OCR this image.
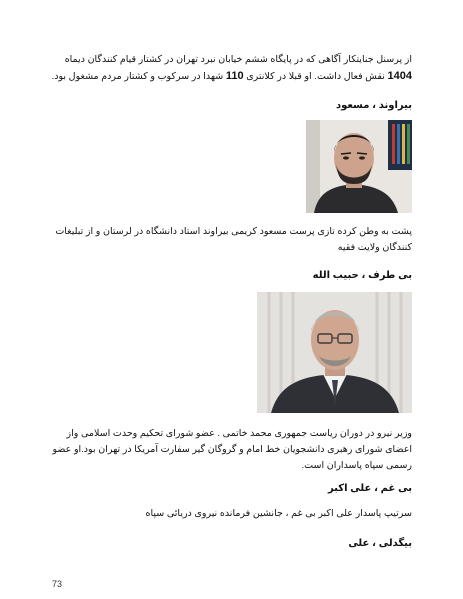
از پرسنل جنایتکار آگاهی که در پایگاه ششم خیابان نبرد تهران در کشتار قیام کنندگان دیماه 1404 نقش فعال داشت. او قبلا در کلانتری 110 شهدا در سرکوب و کشتار مردم مشغول بود.

بیراوند ، مسعود

پشت به وطن کرده تازی پرست مسعود کریمی بیراوند استاد دانشگاه در لرستان و از تبلیغات کنندگان ولایت فقیه

بی طرف ، حبیب الله

وزیر نیرو در دوران ریاست جمهوری محمد خاتمی . عضو شورای تحکیم وحدت اسلامی واز اعضای شورای رهبری دانشجویان خط امام و گروگان گیر سفارت آمریکا در تهران بود.او عضو رسمی سپاه پاسداران است.

بی غم ، علی اکبر

سرتیپ پاسدار علی اکبر بی غم ، جانشین فرمانده نیروی دریائی سپاه

بیگدلی ، علی

73
